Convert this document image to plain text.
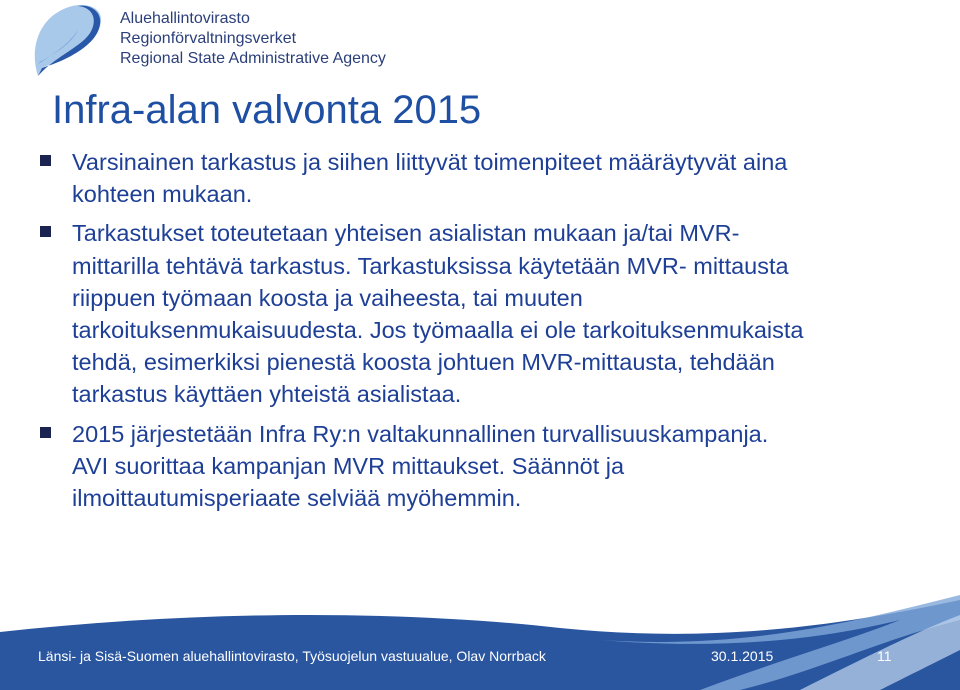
Aluehallintovirasto
Regionförvaltningsverket
Regional State Administrative Agency
Infra-alan valvonta 2015
Varsinainen tarkastus ja siihen liittyvät toimenpiteet määräytyvät aina
kohteen mukaan.
Tarkastukset toteutetaan yhteisen asialistan mukaan ja/tai MVR-
mittarilla tehtävä tarkastus. Tarkastuksissa käytetään MVR- mittausta
riippuen työmaan koosta ja vaiheesta, tai muuten
tarkoituksenmukaisuudesta. Jos työmaalla ei ole tarkoituksenmukaista
tehdä, esimerkiksi pienestä koosta johtuen MVR-mittausta, tehdään
tarkastus käyttäen yhteistä asialistaa.
2015 järjestetään Infra Ry:n valtakunnallinen turvallisuuskampanja.
AVI suorittaa kampanjan MVR mittaukset. Säännöt ja
ilmoittautumisperiaate selviää myöhemmin.
Länsi- ja Sisä-Suomen aluehallintovirasto, Työsuojelun vastuualue, Olav Norrback	30.1.2015	11
